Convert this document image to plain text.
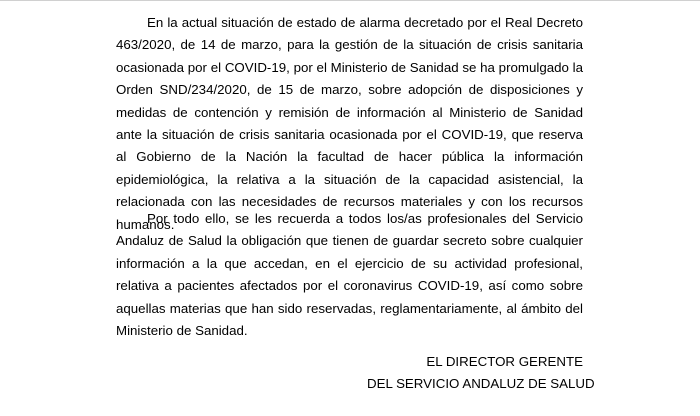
En la actual situación de estado de alarma decretado por el Real Decreto 463/2020, de 14 de marzo, para la gestión de la situación de crisis sanitaria ocasionada por el COVID-19, por el Ministerio de Sanidad se ha promulgado la Orden SND/234/2020, de 15 de marzo, sobre adopción de disposiciones y medidas de contención y remisión de información al Ministerio de Sanidad ante la situación de crisis sanitaria ocasionada por el COVID-19, que reserva al Gobierno de la Nación la facultad de hacer pública la información epidemiológica, la relativa a la situación de la capacidad asistencial, la relacionada con las necesidades de recursos materiales y con los recursos humanos.

Por todo ello, se les recuerda a todos los/as profesionales del Servicio Andaluz de Salud la obligación que tienen de guardar secreto sobre cualquier información a la que accedan, en el ejercicio de su actividad profesional, relativa a pacientes afectados por el coronavirus COVID-19, así como sobre aquellas materias que han sido reservadas, reglamentariamente, al ámbito del Ministerio de Sanidad.

EL DIRECTOR GERENTE
DEL SERVICIO ANDALUZ DE SALUD
